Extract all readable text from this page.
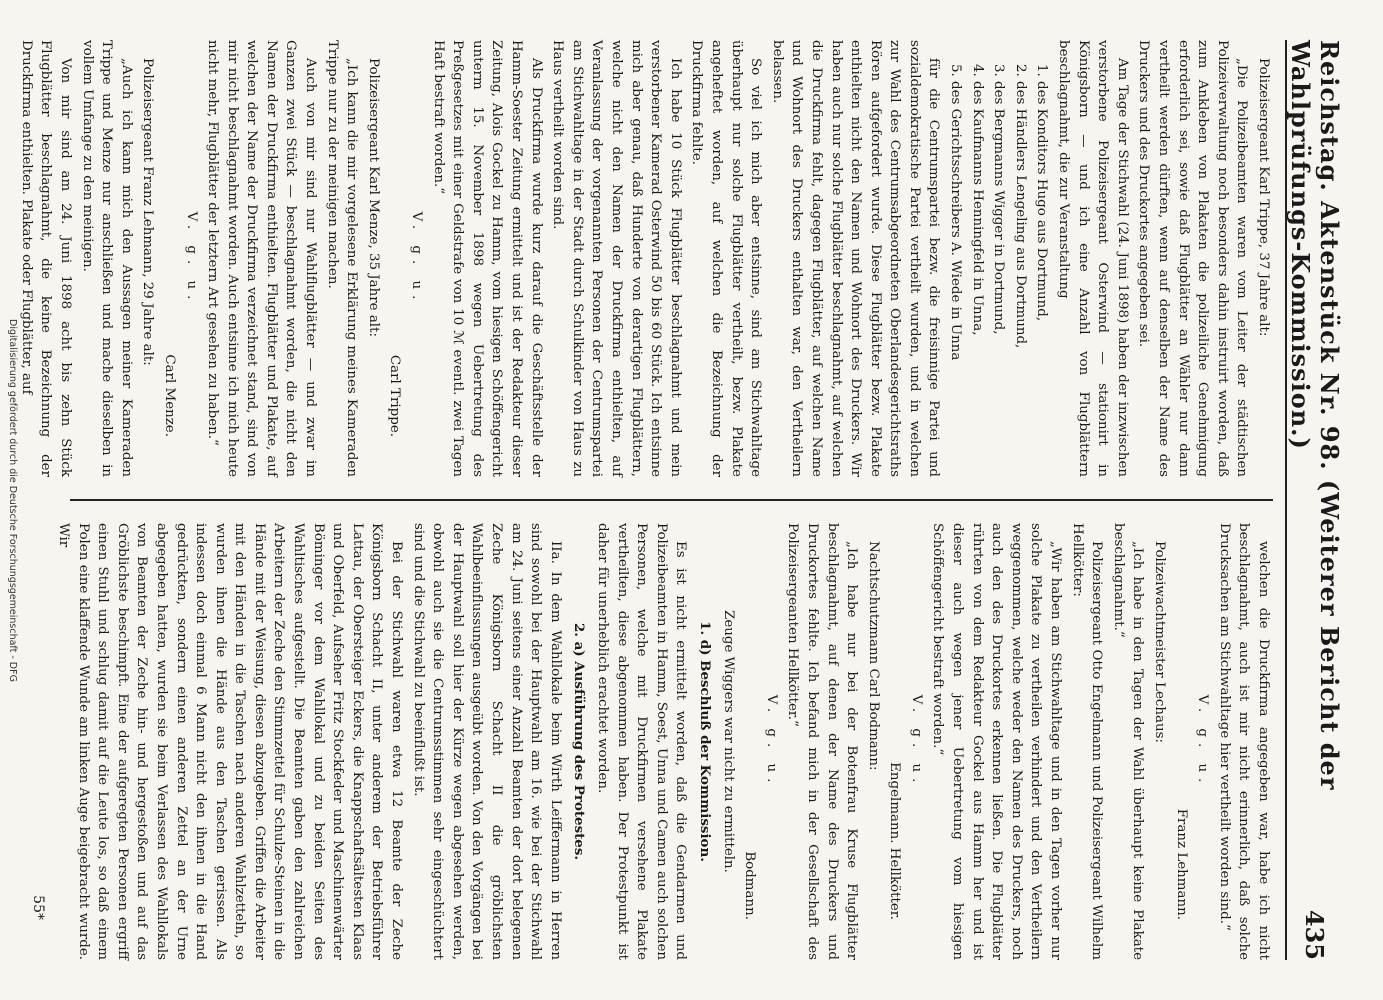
Reichstag. Aktenstück Nr. 98. (Weiterer Bericht der Wahlprüfungs-Kommission.)
435

Polizeisergeant Karl Trippe, 37 Jahre alt:

„Die Polizeibeamten waren vom Leiter der städtischen Polizeiverwaltung noch besonders dahin instruirt worden, daß zum Ankleben von Plakaten die polizeiliche Genehmigung erforderlich sei, sowie daß Flugblätter an Wähler nur dann vertheilt werden dürften, wenn auf denselben der Name des Druckers und des Druckortes angegeben sei.

Am Tage der Stichwahl (24. Juni 1898) haben der inzwischen verstorbene Polizeisergeant Osterwind — stationirt in Königsborn — und ich eine Anzahl von Flugblättern beschlagnahmt, die zur Veranstaltung

1. des Konditors Hugo aus Dortmund,

2. des Händlers Lengeling aus Dortmund,

3. des Bergmanns Wigger in Dortmund,

4. des Kaufmanns Henningfeld in Unna,

5. des Gerichtsschreibers A. Wiede in Unna

für die Centrumspartei bezw. die freisinnige Partei und sozialdemokratische Partei vertheilt wurden, und in welchen zur Wahl des Centrumsabgeordneten Oberlandesgerichtsraths Rören aufgefordert wurde. Diese Flugblätter bezw. Plakate enthielten nicht den Namen und Wohnort des Druckers. Wir haben auch nur solche Flugblätter beschlagnahmt, auf welchen die Druckfirma fehlt, dagegen Flugblätter, auf welchen Name und Wohnort des Druckers enthalten war, den Vertheilern belassen.

So viel ich mich aber entsinne, sind am Stichwahltage überhaupt nur solche Flugblätter vertheilt, bezw. Plakate angeheftet worden, auf welchen die Bezeichnung der Druckfirma fehlte.

Ich habe 10 Stück Flugblätter beschlagnahmt und mein verstorbener Kamerad Osterwind 50 bis 60 Stück. Ich entsinne mich aber genau, daß Hunderte von derartigen Flugblättern, welche nicht den Namen der Druckfirma enthielten, auf Veranlassung der vorgenannten Personen der Centrumspartei am Stichwahltage in der Stadt durch Schulkinder von Haus zu Haus vertheilt worden sind.

Als Druckfirma wurde kurz darauf die Geschäftsstelle der Hamm-Soester Zeitung ermittelt und ist der Redakteur dieser Zeitung, Alois Gockel zu Hamm, vom hiesigen Schöffengericht unterm 15. November 1898 wegen Uebertretung des Preßgesetzes mit einer Geldstrafe von 10 ℳ eventl. zwei Tagen Haft bestraft worden.“

V. g. u.

Carl Trippe.

Polizeisergeant Karl Menze, 35 Jahre alt:

„Ich kann die mir vorgelesene Erklärung meines Kameraden Trippe nur zu der meinigen machen.

Auch von mir sind nur Wahlflugblätter — und zwar im Ganzen zwei Stück — beschlagnahmt worden, die nicht den Namen der Druckfirma enthielten. Flugblätter und Plakate, auf welchen der Name der Druckfirma verzeichnet stand, sind von mir nicht beschlagnahmt worden. Auch entsinne ich mich heute nicht mehr, Flugblätter der letztern Art gesehen zu haben.“

V. g. u.

Carl Menze.

Polizeisergeant Franz Lehmann, 29 Jahre alt:

„Auch ich kann mich den Aussagen meiner Kameraden Trippe und Menze nur anschließen und mache dieselben in vollem Umfange zu den meinigen.

Von mir sind am 24. Juni 1898 acht bis zehn Stück Flugblätter beschlagnahmt, die keine Bezeichnung der Druckfirma enthielten. Plakate oder Flugblätter, auf

welchen die Druckfirma angegeben war, habe ich nicht beschlagnahmt, auch ist mir nicht erinnerlich, daß solche Drucksachen am Stichwahltage hier vertheilt worden sind.“

V. g. u.

Franz Lehmann.

Polizeiwachtmeister Lechaus:

„Ich habe in den Tagen der Wahl überhaupt keine Plakate beschlagnahmt.“

Polizeisergeant Otto Engelmann und Polizeisergeant Wilhelm Hellkötter:

„Wir haben am Stichwahltage und in den Tagen vorher nur solche Plakate zu vertheilen verhindert und den Vertheilern weggenommen, welche weder den Namen des Druckers, noch auch den des Druckortes erkennen ließen. Die Flugblätter rührten von dem Redakteur Gockel aus Hamm her und ist dieser auch wegen jener Uebertretung vom hiesigen Schöffengericht bestraft worden.“

V. g. u.

Engelmann. Hellkötter.

Nachtschutzmann Carl Bodmann:

„Ich habe nur bei der Botenfrau Kruse Flugblätter beschlagnahmt, auf denen der Name des Druckers und Druckortes fehlte. Ich befand mich in der Gesellschaft des Polizeisergeanten Hellkötter.“

V. g. u.

Bodmann.

Zeuge Wiggers war nicht zu ermitteln.

1. d) Beschluß der Kommission.

Es ist nicht ermittelt worden, daß die Gendarmen und Polizeibeamten in Hamm, Soest, Unna und Camen auch solchen Personen, welche mit Druckfirmen versehene Plakate vertheilten, diese abgenommen haben. Der Protestpunkt ist daher für unerheblich erachtet worden.

2. a) Ausführung des Protestes.

IIa. In dem Wahllokale beim Wirth Leiffermann in Herren sind sowohl bei der Hauptwahl am 16. wie bei der Stichwahl am 24. Juni seitens einer Anzahl Beamten der dort belegenen Zeche Königsborn Schacht II die gröblichsten Wahlbeeinflussungen ausgeübt worden. Von den Vorgängen bei der Hauptwahl soll hier der Kürze wegen abgesehen werden, obwohl auch sie die Centrumsstimmen sehr eingeschüchtert sind und die Stichwahl zu beeinflußt ist.

Bei der Stichwahl waren etwa 12 Beamte der Zeche Königsborn Schacht II, unter anderem der Betriebsführer Lattau, der Obersteiger Eckers, die Knappschaftsältesten Klaas und Oberfeld, Aufseher Fritz Stockfeder und Maschinenwärter Böminger vor dem Wahllokal und zu beiden Seiten des Wahltisches aufgestellt. Die Beamten gaben den zahlreichen Arbeitern der Zeche den Stimmzettel für Schulze-Steinen in die Hände mit der Weisung, diesen abzugeben. Griffen die Arbeiter mit den Händen in die Taschen nach anderen Wahlzetteln, so wurden ihnen die Hände aus den Taschen gerissen. Als indessen doch einmal 6 Mann nicht den ihnen in die Hand gedrückten, sondern einen anderen Zettel an der Urne abgegeben hatten, wurden sie beim Verlassen des Wahllokals von Beamten der Zeche hin- und hergestoßen und auf das Gröblichste beschimpft. Eine der aufgeregten Personen ergriff einen Stuhl und schlug damit auf die Leute los, so daß einem Polen eine klaffende Wunde am linken Auge beigebracht wurde. Wir

55*
Digitalisierung gefördert durch die Deutsche Forschungsgemeinschaft - DFG
